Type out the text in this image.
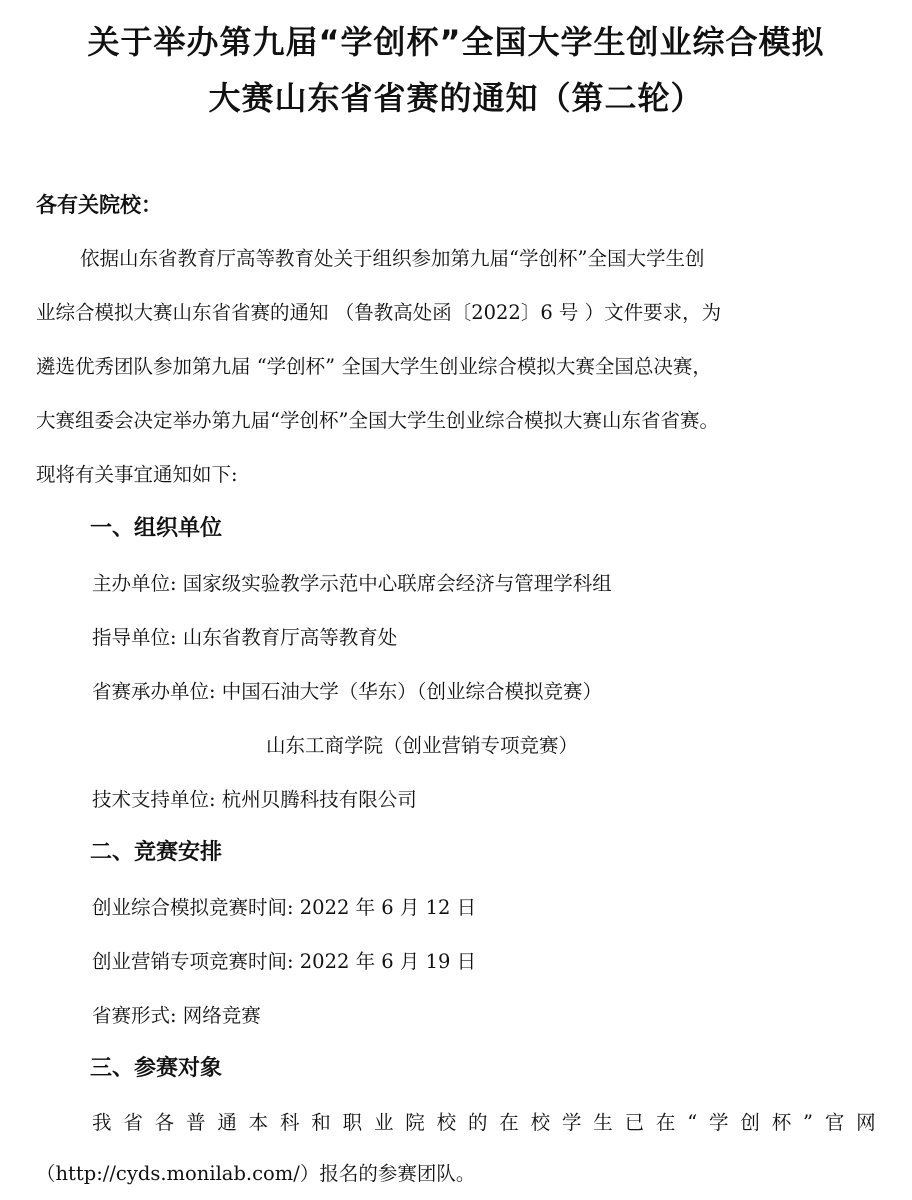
关于举办第九届“学创杯”全国大学生创业综合模拟
大赛山东省省赛的通知（第二轮）
各有关院校：
依据山东省教育厅高等教育处关于组织参加第九届“学创杯”全国大学生创
业综合模拟大赛山东省省赛的通知 （鲁教高处函〔2022〕6 号 ）文件要求，为
遴选优秀团队参加第九届 “学创杯” 全国大学生创业综合模拟大赛全国总决赛，
大赛组委会决定举办第九届“学创杯”全国大学生创业综合模拟大赛山东省省赛。
现将有关事宜通知如下:
一、组织单位
主办单位: 国家级实验教学示范中心联席会经济与管理学科组
指导单位: 山东省教育厅高等教育处
省赛承办单位: 中国石油大学（华东）（创业综合模拟竞赛）
山东工商学院（创业营销专项竞赛）
技术支持单位: 杭州贝腾科技有限公司
二、竞赛安排
创业综合模拟竞赛时间: 2022 年 6 月 12 日
创业营销专项竞赛时间: 2022 年 6 月 19 日
省赛形式: 网络竞赛
三、参赛对象
我 省 各 普 通 本 科 和 职 业 院 校 的 在 校 学 生 已 在 “ 学 创 杯 ” 官 网
（http://cyds.monilab.com/）报名的参赛团队。
